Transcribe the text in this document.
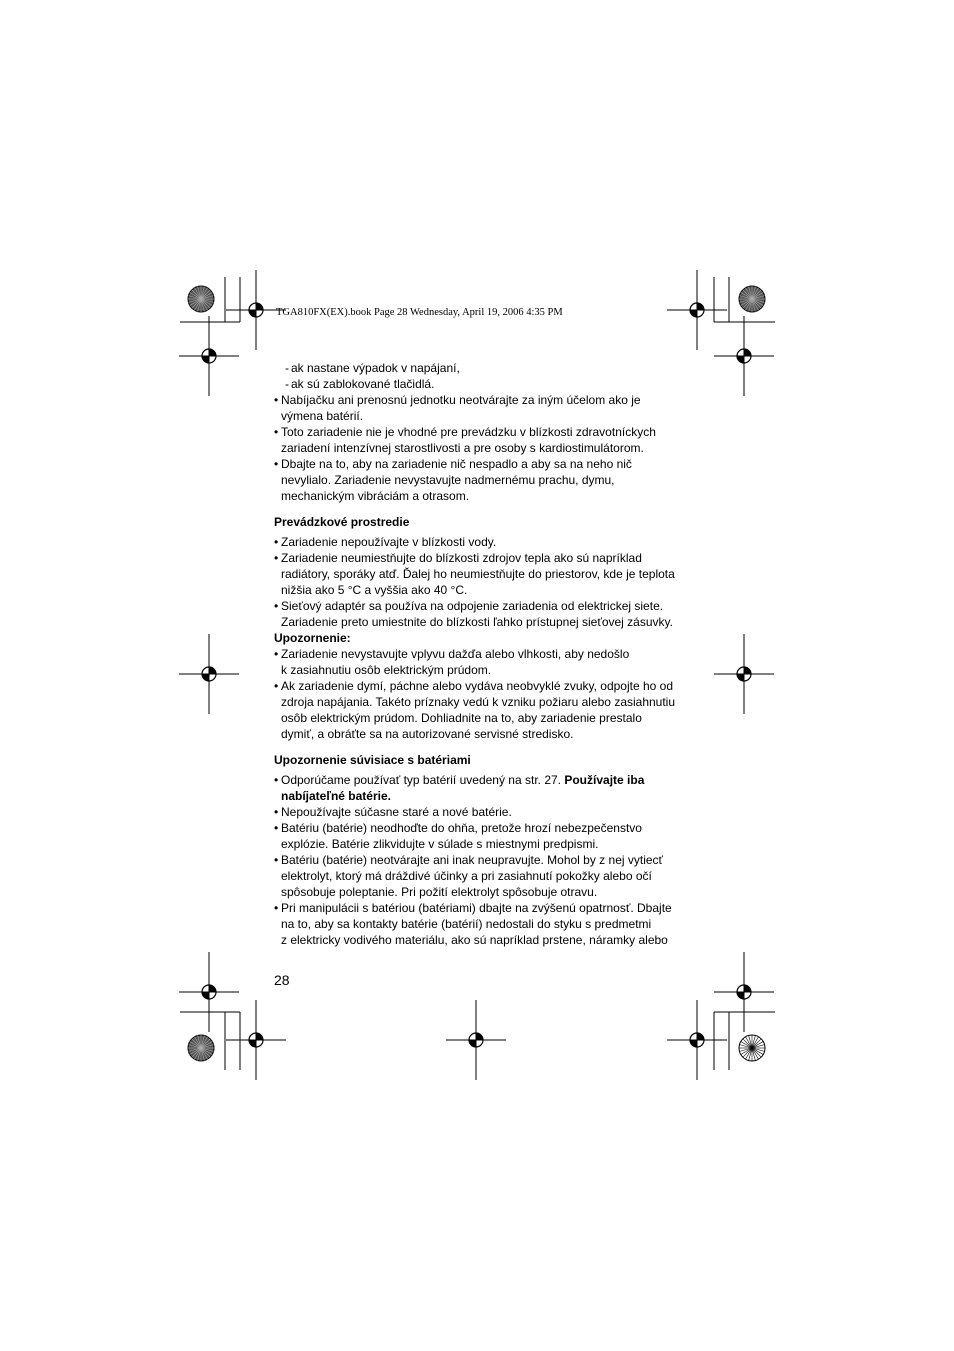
TGA810FX(EX).book Page 28 Wednesday, April 19, 2006 4:35 PM
- ak nastane výpadok v napájaní,
- ak sú zablokované tlačidlá.
• Nabíjačku ani prenosnú jednotku neotvárajte za iným účelom ako je
výmena batérií.
• Toto zariadenie nie je vhodné pre prevádzku v blízkosti zdravotníckych
zariadení intenzívnej starostlivosti a pre osoby s kardiostimulátorom.
• Dbajte na to, aby na zariadenie nič nespadlo a aby sa na neho nič
nevylialo. Zariadenie nevystavujte nadmernému prachu, dymu,
mechanickým vibráciám a otrasom.
Prevádzkové prostredie
• Zariadenie nepoužívajte v blízkosti vody.
• Zariadenie neumiestňujte do blízkosti zdrojov tepla ako sú napríklad
radiátory, sporáky atď. Ďalej ho neumiestňujte do priestorov, kde je teplota
nižšia ako 5 °C a vyššia ako 40 °C.
• Sieťový adaptér sa používa na odpojenie zariadenia od elektrickej siete.
Zariadenie preto umiestnite do blízkosti ľahko prístupnej sieťovej zásuvky.
Upozornenie:
• Zariadenie nevystavujte vplyvu dažďa alebo vlhkosti, aby nedošlo
k zasiahnutiu osôb elektrickým prúdom.
• Ak zariadenie dymí, páchne alebo vydáva neobvyklé zvuky, odpojte ho od
zdroja napájania. Takéto príznaky vedú k vzniku požiaru alebo zasiahnutiu
osôb elektrickým prúdom. Dohliadnite na to, aby zariadenie prestalo
dymiť, a obráťte sa na autorizované servisné stredisko.
Upozornenie súvisiace s batériami
• Odporúčame používať typ batérií uvedený na str. 27. Používajte iba
nabíjateľné batérie.
• Nepoužívajte súčasne staré a nové batérie.
• Batériu (batérie) neodhoďte do ohňa, pretože hrozí nebezpečenstvo
explózie. Batérie zlikvidujte v súlade s miestnymi predpismi.
• Batériu (batérie) neotvárajte ani inak neupravujte. Mohol by z nej vytiecť
elektrolyt, ktorý má dráždivé účinky a pri zasiahnutí pokožky alebo očí
spôsobuje poleptanie. Pri požití elektrolyt spôsobuje otravu.
• Pri manipulácii s batériou (batériami) dbajte na zvýšenú opatrnosť. Dbajte
na to, aby sa kontakty batérie (batérií) nedostali do styku s predmetmi
z elektricky vodivého materiálu, ako sú napríklad prstene, náramky alebo
28
